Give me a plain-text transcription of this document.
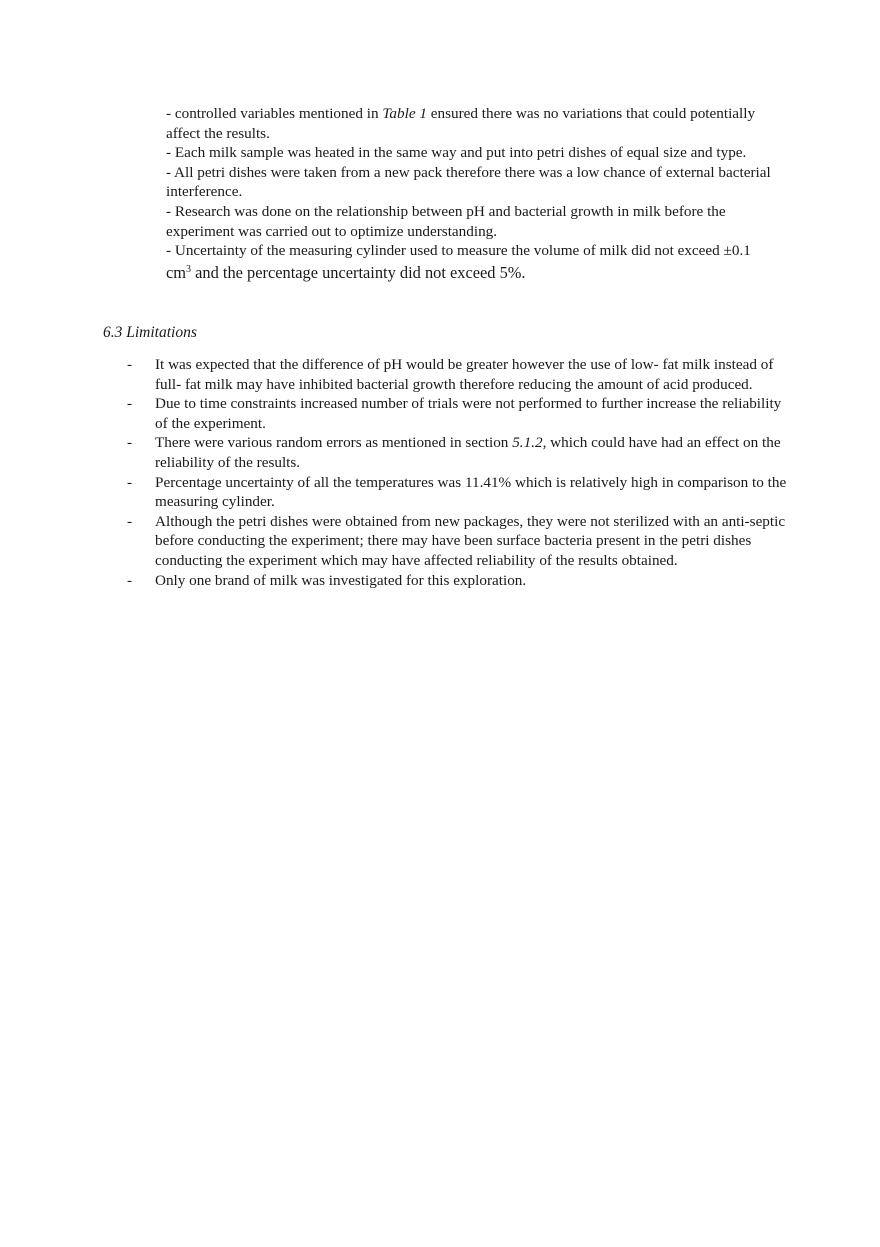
- controlled variables mentioned in Table 1 ensured there was no variations that could potentially affect the results.

- Each milk sample was heated in the same way and put into petri dishes of equal size and type.

- All petri dishes were taken from a new pack therefore there was a low chance of external bacterial interference.

- Research was done on the relationship between pH and bacterial growth in milk before the experiment was carried out to optimize understanding.

- Uncertainty of the measuring cylinder used to measure the volume of milk did not exceed ±0.1

$cm^3$ and the percentage uncertainty did not exceed 5%.

6.3 Limitations

- It was expected that the difference of pH would be greater however the use of low- fat milk instead of full- fat milk may have inhibited bacterial growth therefore reducing the amount of acid produced.
- Due to time constraints increased number of trials were not performed to further increase the reliability of the experiment.
- There were various random errors as mentioned in section 5.1.2, which could have had an effect on the reliability of the results.
- Percentage uncertainty of all the temperatures was 11.41% which is relatively high in comparison to the measuring cylinder.
- Although the petri dishes were obtained from new packages, they were not sterilized with an anti-septic before conducting the experiment; there may have been surface bacteria present in the petri dishes conducting the experiment which may have affected reliability of the results obtained.
- Only one brand of milk was investigated for this exploration.
